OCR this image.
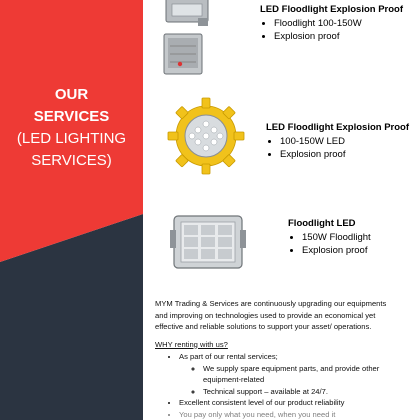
OUR
SERVICES
(LED LIGHTING
SERVICES)
LED Floodlight Explosion Proof
• Floodlight 100-150W
• Explosion proof
LED Floodlight Explosion Proof
• 100-150W LED
• Explosion proof
Floodlight LED
• 150W Floodlight
• Explosion proof

MYM Trading & Services are continuously upgrading our equipments and improving on technologies used to provide an economical yet effective and reliable solutions to support your asset/ operations.

WHY renting with us?

• As part of our rental services;
◦ We supply spare equipment parts, and provide other equipment-related
◦ Technical support – available at 24/7.
• Excellent consistent level of our product reliability
• You pay only what you need, when you need it
